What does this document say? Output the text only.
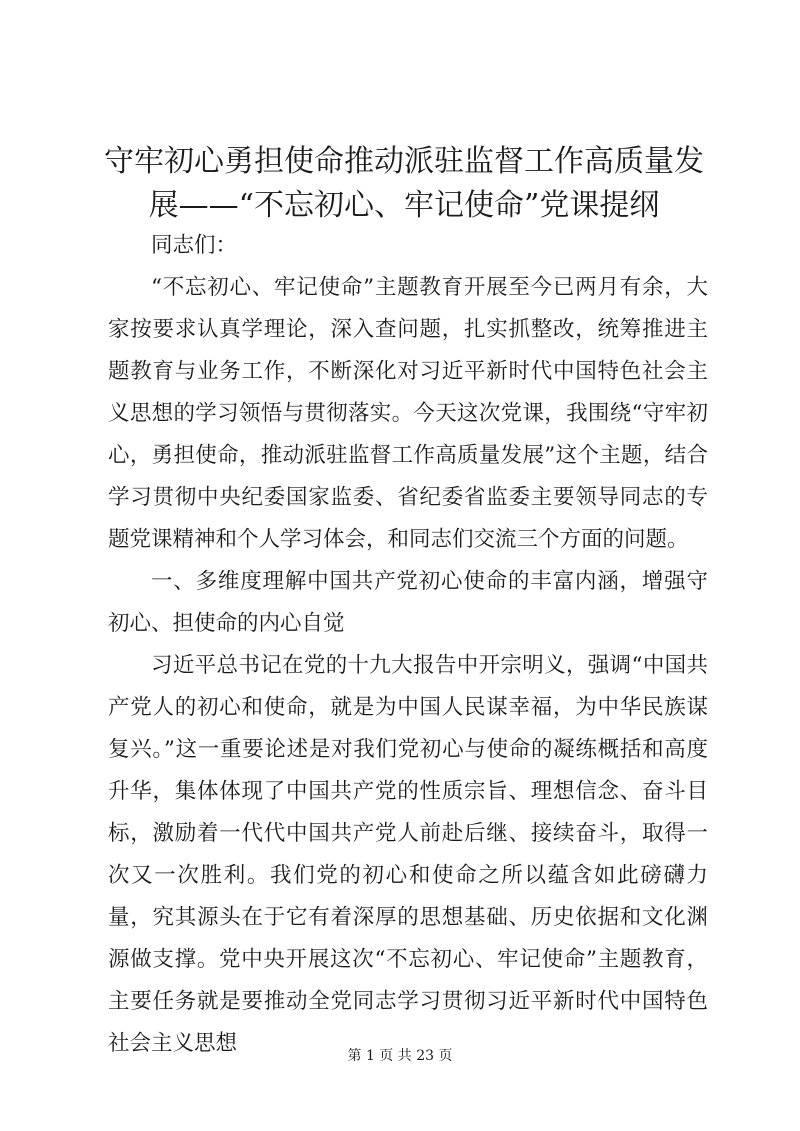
守牢初心勇担使命推动派驻监督工作高质量发展——“不忘初心、牢记使命”党课提纲

同志们：

“不忘初心、牢记使命”主题教育开展至今已两月有余，大家按要求认真学理论，深入查问题，扎实抓整改，统筹推进主题教育与业务工作，不断深化对习近平新时代中国特色社会主义思想的学习领悟与贯彻落实。今天这次党课，我围绕“守牢初心，勇担使命，推动派驻监督工作高质量发展”这个主题，结合学习贯彻中央纪委国家监委、省纪委省监委主要领导同志的专题党课精神和个人学习体会，和同志们交流三个方面的问题。

一、多维度理解中国共产党初心使命的丰富内涵，增强守初心、担使命的内心自觉

习近平总书记在党的十九大报告中开宗明义，强调“中国共产党人的初心和使命，就是为中国人民谋幸福，为中华民族谋复兴。”这一重要论述是对我们党初心与使命的凝练概括和高度升华，集体体现了中国共产党的性质宗旨、理想信念、奋斗目标，激励着一代代中国共产党人前赴后继、接续奋斗，取得一次又一次胜利。我们党的初心和使命之所以蕴含如此磅礴力量，究其源头在于它有着深厚的思想基础、历史依据和文化渊源做支撑。党中央开展这次“不忘初心、牢记使命”主题教育，主要任务就是要推动全党同志学习贯彻习近平新时代中国特色社会主义思想	第 1 页 共 23 页
